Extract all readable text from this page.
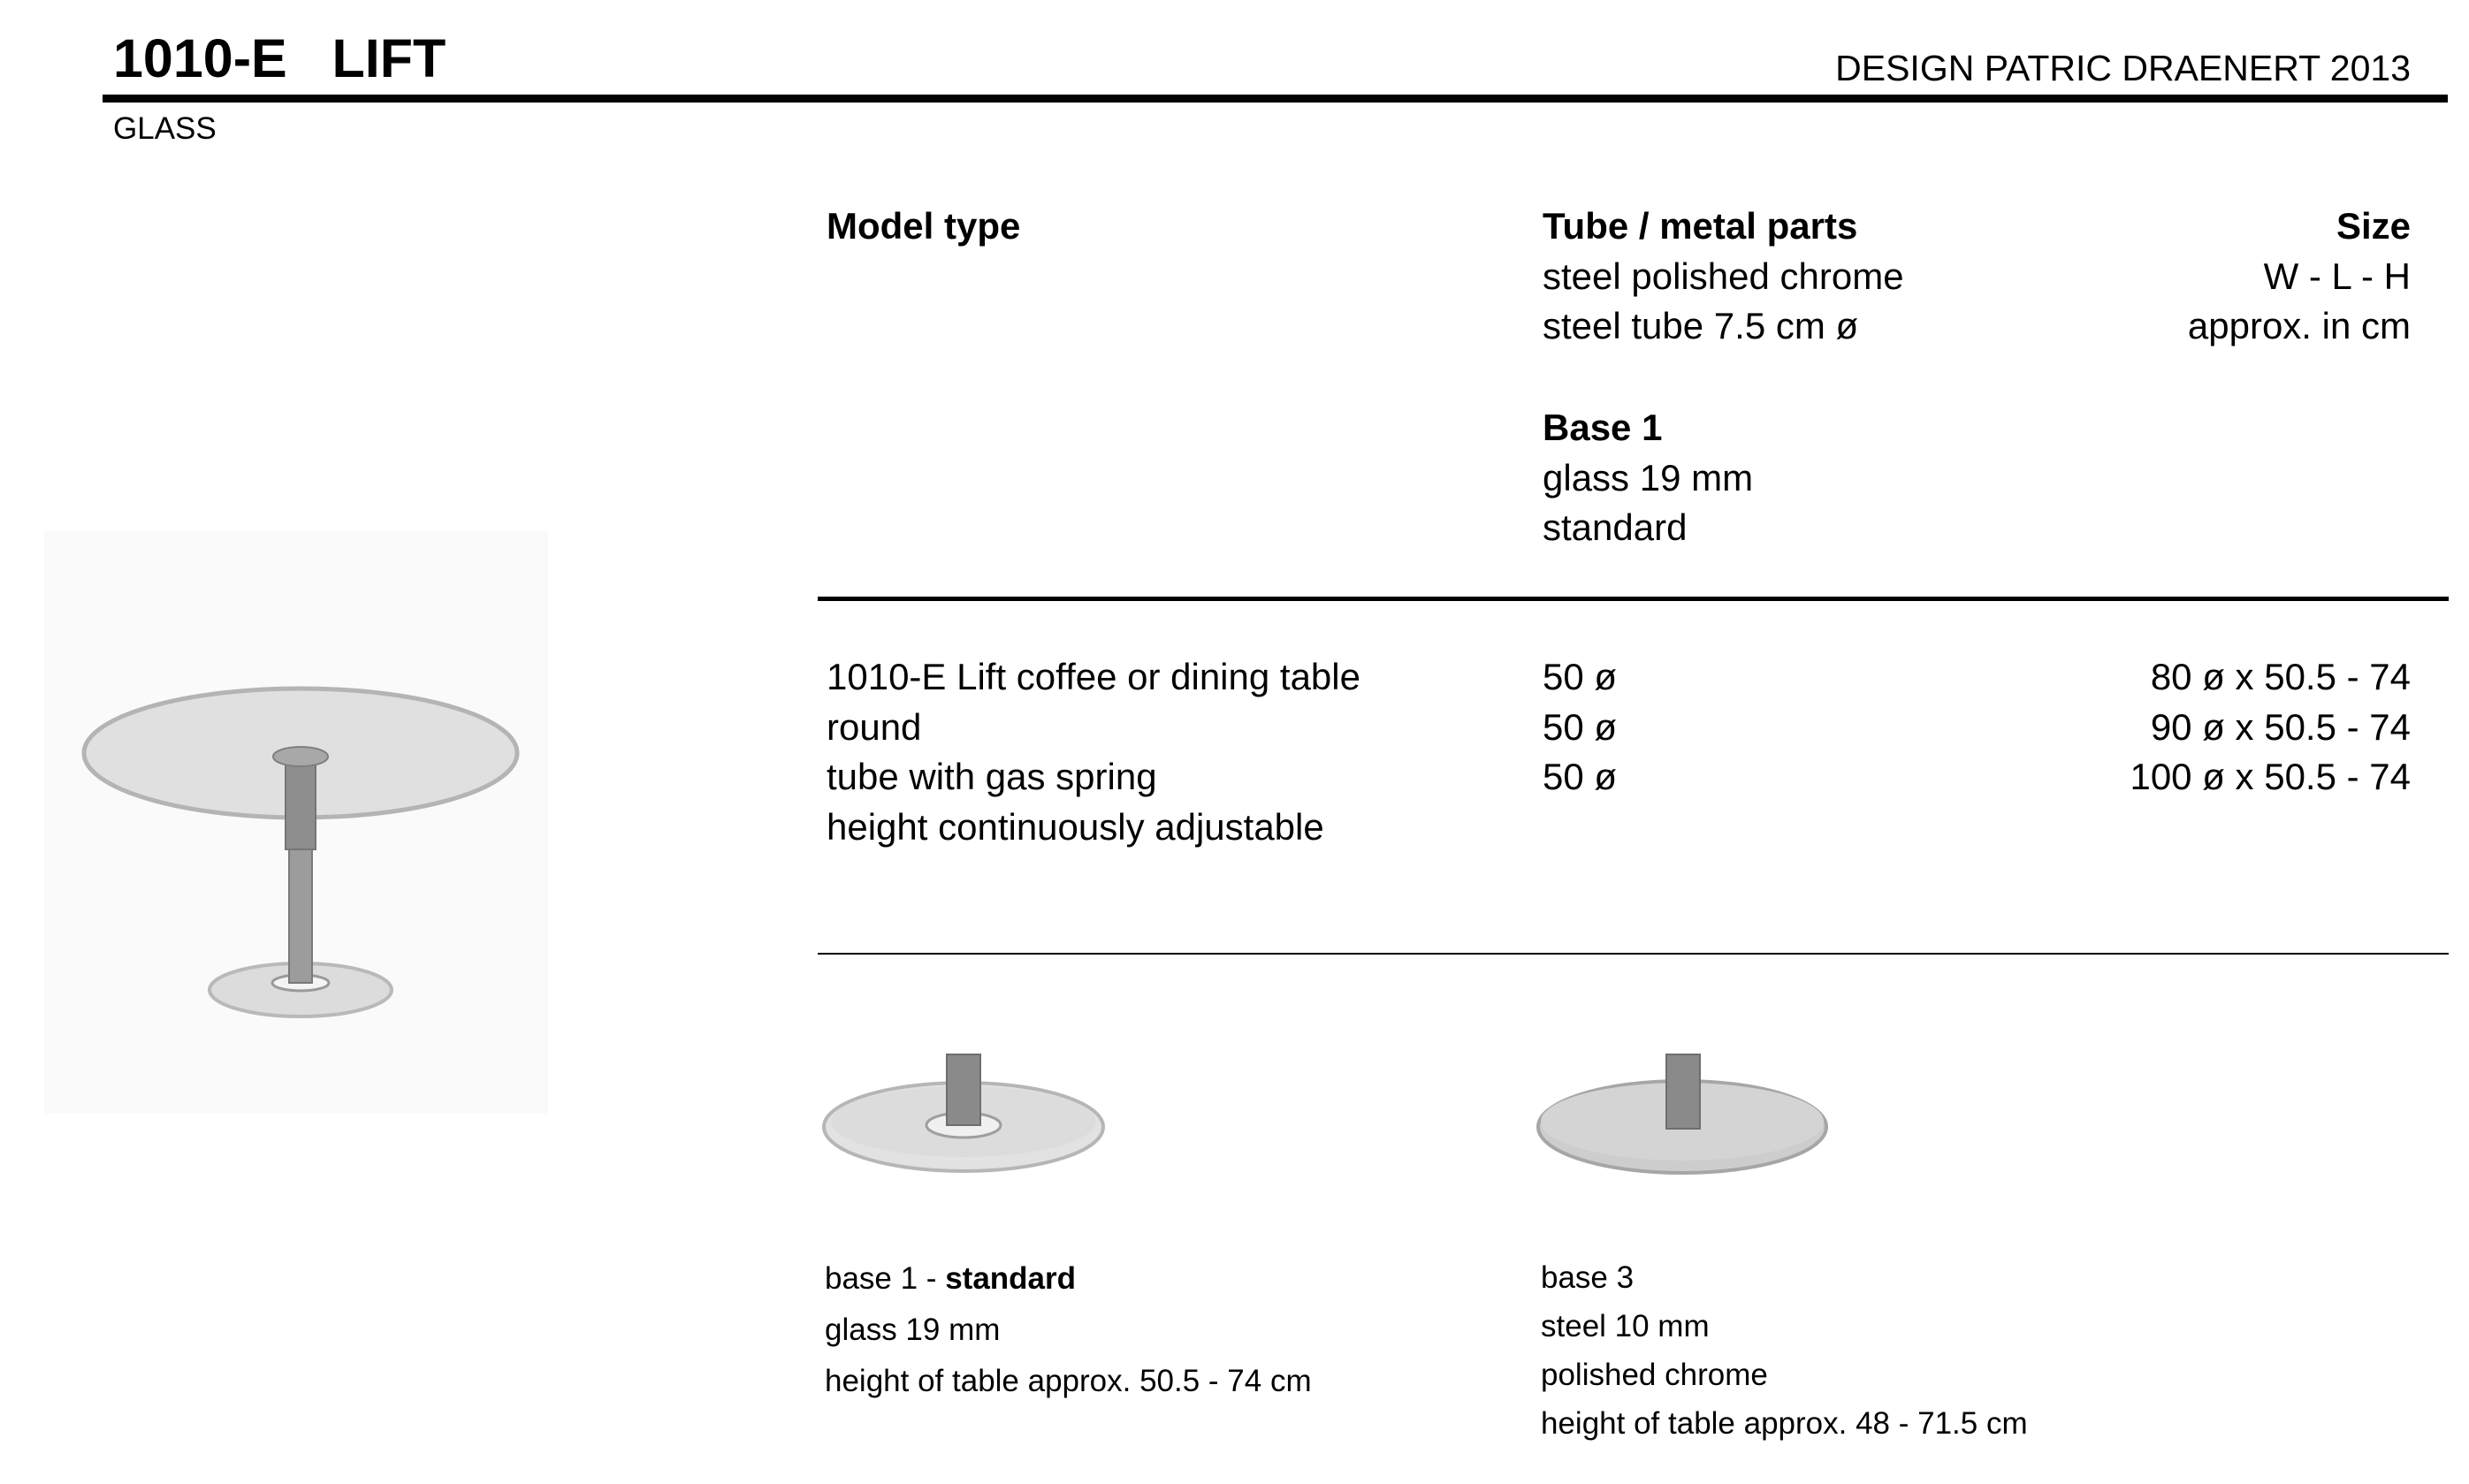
1010-E   LIFT	DESIGN PATRIC DRAENERT 2013
GLASS
Model type	Tube / metal parts
steel polished chrome
steel tube 7.5 cm ø
Base 1
glass 19 mm
standard
Size
W - L - H
approx. in cm
1010-E Lift coffee or dining table
round
tube with gas spring
height continuously adjustable
50 ø
50 ø
50 ø
80 ø x 50.5 - 74
90 ø x 50.5 - 74
100 ø x 50.5 - 74
base 1 - standard
glass 19 mm
height of table approx. 50.5 - 74 cm
base 3
steel 10 mm
polished chrome
height of table approx. 48 - 71.5 cm
